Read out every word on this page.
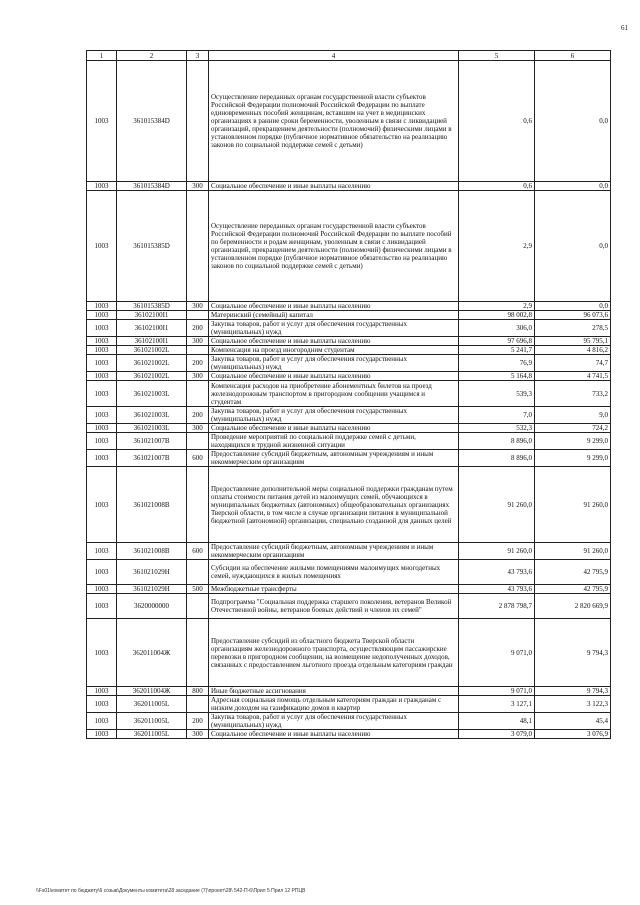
61
1	2	3	4	5	6
1003	361015384D		Осуществление переданных органам государственной власти субъектов Российской Федерации полномочий Российской Федерации по выплате единовременных пособий женщинам, вставшим на учет в медицинских организациях в ранние сроки беременности, уволенным в связи с ликвидацией организаций, прекращением деятельности (полномочий) физическими лицами в установленном порядке (публичное нормативное обязательство на реализацию законов по социальной поддержке семей с детьми)	0,6	0,0
1003	361015384D	300	Социальное обеспечение и иные выплаты населению	0,6	0,0
1003	361015385D		Осуществление переданных органам государственной власти субъектов Российской Федерации полномочий Российской Федерации по выплате пособий по беременности и родам женщинам, уволенным в связи с ликвидацией организаций, прекращением деятельности (полномочий) физическими лицами в установленном порядке (публичное нормативное обязательство на реализацию законов по социальной поддержке семей с детьми)	2,9	0,0
1003	361015385D	300	Социальное обеспечение и иные выплаты населению	2,9	0,0
1003	36102100I1		Материнский (семейный) капитал	98 002,8	96 073,6
1003	36102100I1	200	Закупка товаров, работ и услуг для обеспечения государственных (муниципальных) нужд	306,0	278,5
1003	36102100I1	300	Социальное обеспечение и иные выплаты населению	97 696,8	95 795,1
1003	361021002L		Компенсация на проезд иногородним студентам	5 241,7	4 816,2
1003	361021002L	200	Закупка товаров, работ и услуг для обеспечения государственных (муниципальных) нужд	76,9	74,7
1003	361021002L	300	Социальное обеспечение и иные выплаты населению	5 164,8	4 741,5
1003	361021003L		Компенсация расходов на приобретение абонементных билетов на проезд железнодорожным транспортом в пригородном сообщении учащимся и студентам	539,3	733,2
1003	361021003L	200	Закупка товаров, работ и услуг для обеспечения государственных (муниципальных) нужд	7,0	9,0
1003	361021003L	300	Социальное обеспечение и иные выплаты населению	532,3	724,2
1003	361021007B		Проведение мероприятий по социальной поддержке семей с детьми, находящихся в трудной жизненной ситуации	8 896,0	9 299,0
1003	361021007B	600	Предоставление субсидий бюджетным, автономным учреждениям и иным некоммерческим организациям	8 896,0	9 299,0
1003	361021008B		Предоставление дополнительной меры социальной поддержки гражданам путем оплаты стоимости питания детей из малоимущих семей, обучающихся в муниципальных бюджетных (автономных) общеобразовательных организациях Тверской области, в том числе в случае организации питания в муниципальной бюджетной (автономной) организации, специально созданной для данных целей	91 260,0	91 260,0
1003	361021008B	600	Предоставление субсидий бюджетным, автономным учреждениям и иным некоммерческим организациям	91 260,0	91 260,0
1003	361021029H		Субсидии на обеспечение жилыми помещениями малоимущих многодетных семей, нуждающихся в жилых помещениях	43 793,6	42 795,9
1003	361021029H	500	Межбюджетные трансферты	43 793,6	42 795,9
1003	3620000000		Подпрограмма "Социальная поддержка старшего поколения, ветеранов Великой Отечественной войны, ветеранов боевых действий и членов их семей"	2 878 798,7	2 820 669,9
1003	362011004Ж		Предоставление субсидий из областного бюджета Тверской области организациям железнодорожного транспорта, осуществляющим пассажирские перевозки в пригородном сообщении, на возмещение недополученных доходов, связанных с предоставлением льготного проезда отдельным категориям граждан	9 071,0	9 794,3
1003	362011004Ж	800	Иные бюджетные ассигнования	9 071,0	9 794,3
1003	362011005L		Адресная социальная помощь отдельным категориям граждан и гражданам с низким доходом на газификацию домов и квартир	3 127,1	3 122,3
1003	362011005L	200	Закупка товаров, работ и услуг для обеспечения государственных (муниципальных) нужд	48,1	45,4
1003	362011005L	300	Социальное обеспечение и иные выплаты населению	3 079,0	3 076,9
\\Fs01\комитет по бюджету\6 созыв\Документы комитета\28 заседание (7)\проект\28\ 542-П-6\Прил 5 Прил 12 РПЦВ
